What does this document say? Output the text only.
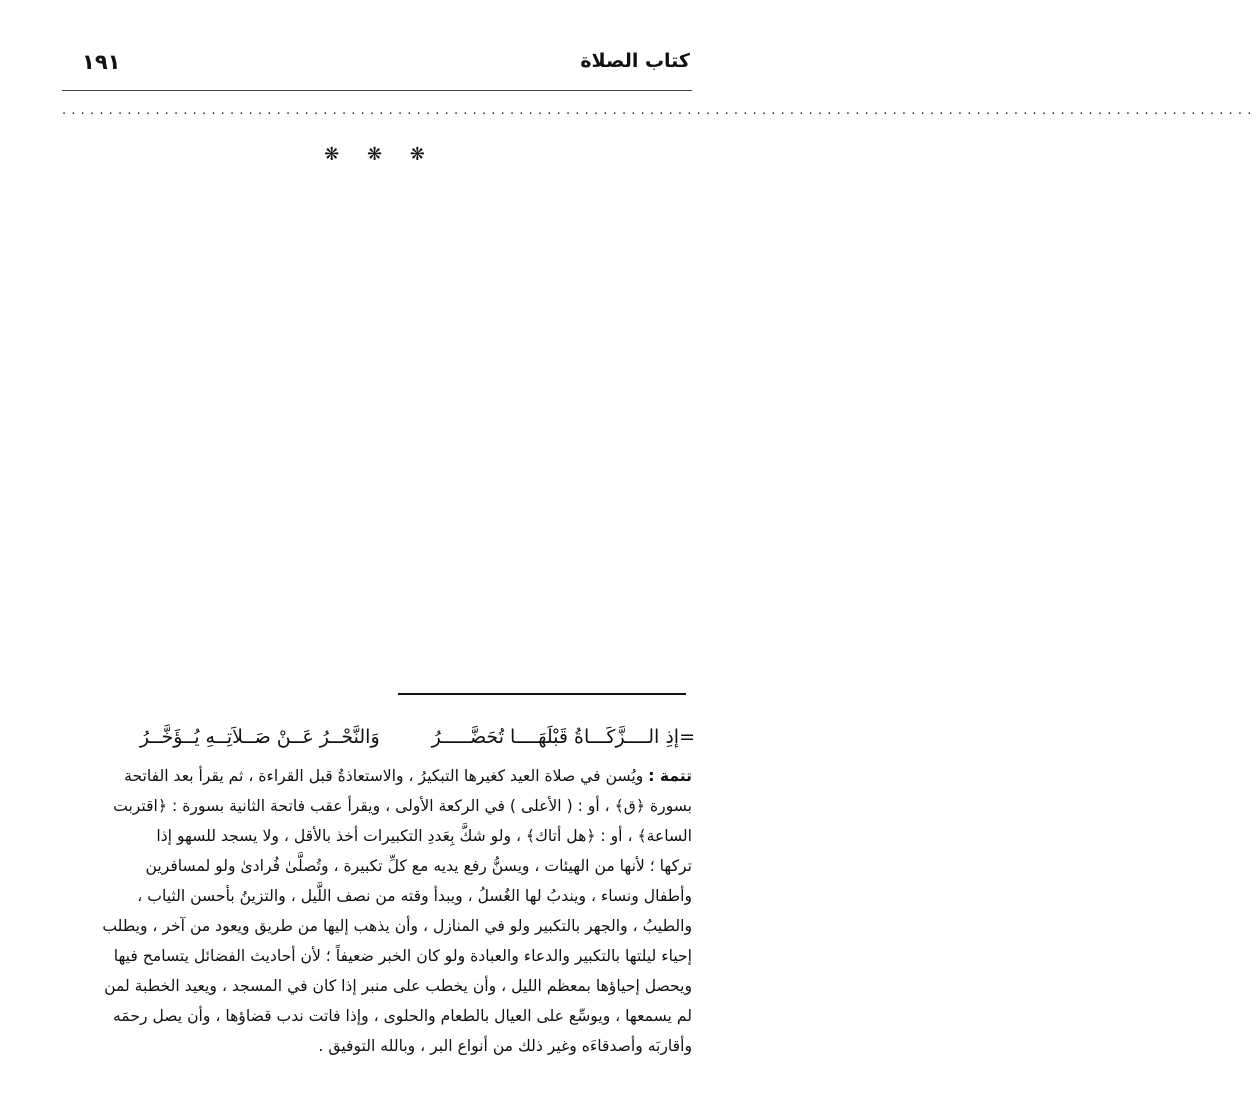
كتاب الصلاة
١٩١
................................................................................................................................
❋ ❋ ❋
=إذِ الــــزَّكَـــاةُ قَبْلَهَــــا تُحَضَّـــــرُوَالنَّحْــرُ عَــنْ صَــلاَتِــهِ يُــؤَخَّــرُ
تتمة : ويُسن في صلاة العيد كغيرها التبكيرُ ، والاستعاذةُ قبل القراءة ، ثم يقرأ بعد الفاتحة
بسورة ﴿ق﴾ ، أو : ( الأعلى ) في الركعة الأولى ، ويقرأ عقب فاتحة الثانية بسورة : ﴿اقتربت
الساعة﴾ ، أو : ﴿هل أتاك﴾ ، ولو شكَّ بِعَددِ التكبيرات أخذ بالأقل ، ولا يسجد للسهو إذا
تركها ؛ لأنها من الهيئات ، ويسنُّ رفع يديه مع كلِّ تكبيرة ، وتُصلَّىٰ فُرادىٰ ولو لمسافرين
وأطفال ونساء ، ويندبُ لها الغُسلُ ، ويبدأ وقته من نصف اللَّيل ، والتزينُ بأحسن الثياب ،
والطيبُ ، والجهر بالتكبير ولو في المنازل ، وأن يذهب إليها من طريق ويعود من آخر ، ويطلب
إحياء ليلتها بالتكبير والدعاء والعبادة ولو كان الخبر ضعيفاً ؛ لأن أحاديث الفضائل يتسامح فيها
ويحصل إحياؤها بمعظم الليل ، وأن يخطب على منبر إذا كان في المسجد ، ويعيد الخطبة لمن
لم يسمعها ، ويوسِّع على العيال بالطعام والحلوى ، وإذا فاتت ندب قضاؤها ، وأن يصل رحمَه
وأقاربَه وأصدقاءَه وغير ذلك من أنواع البر ، وبالله التوفيق .
